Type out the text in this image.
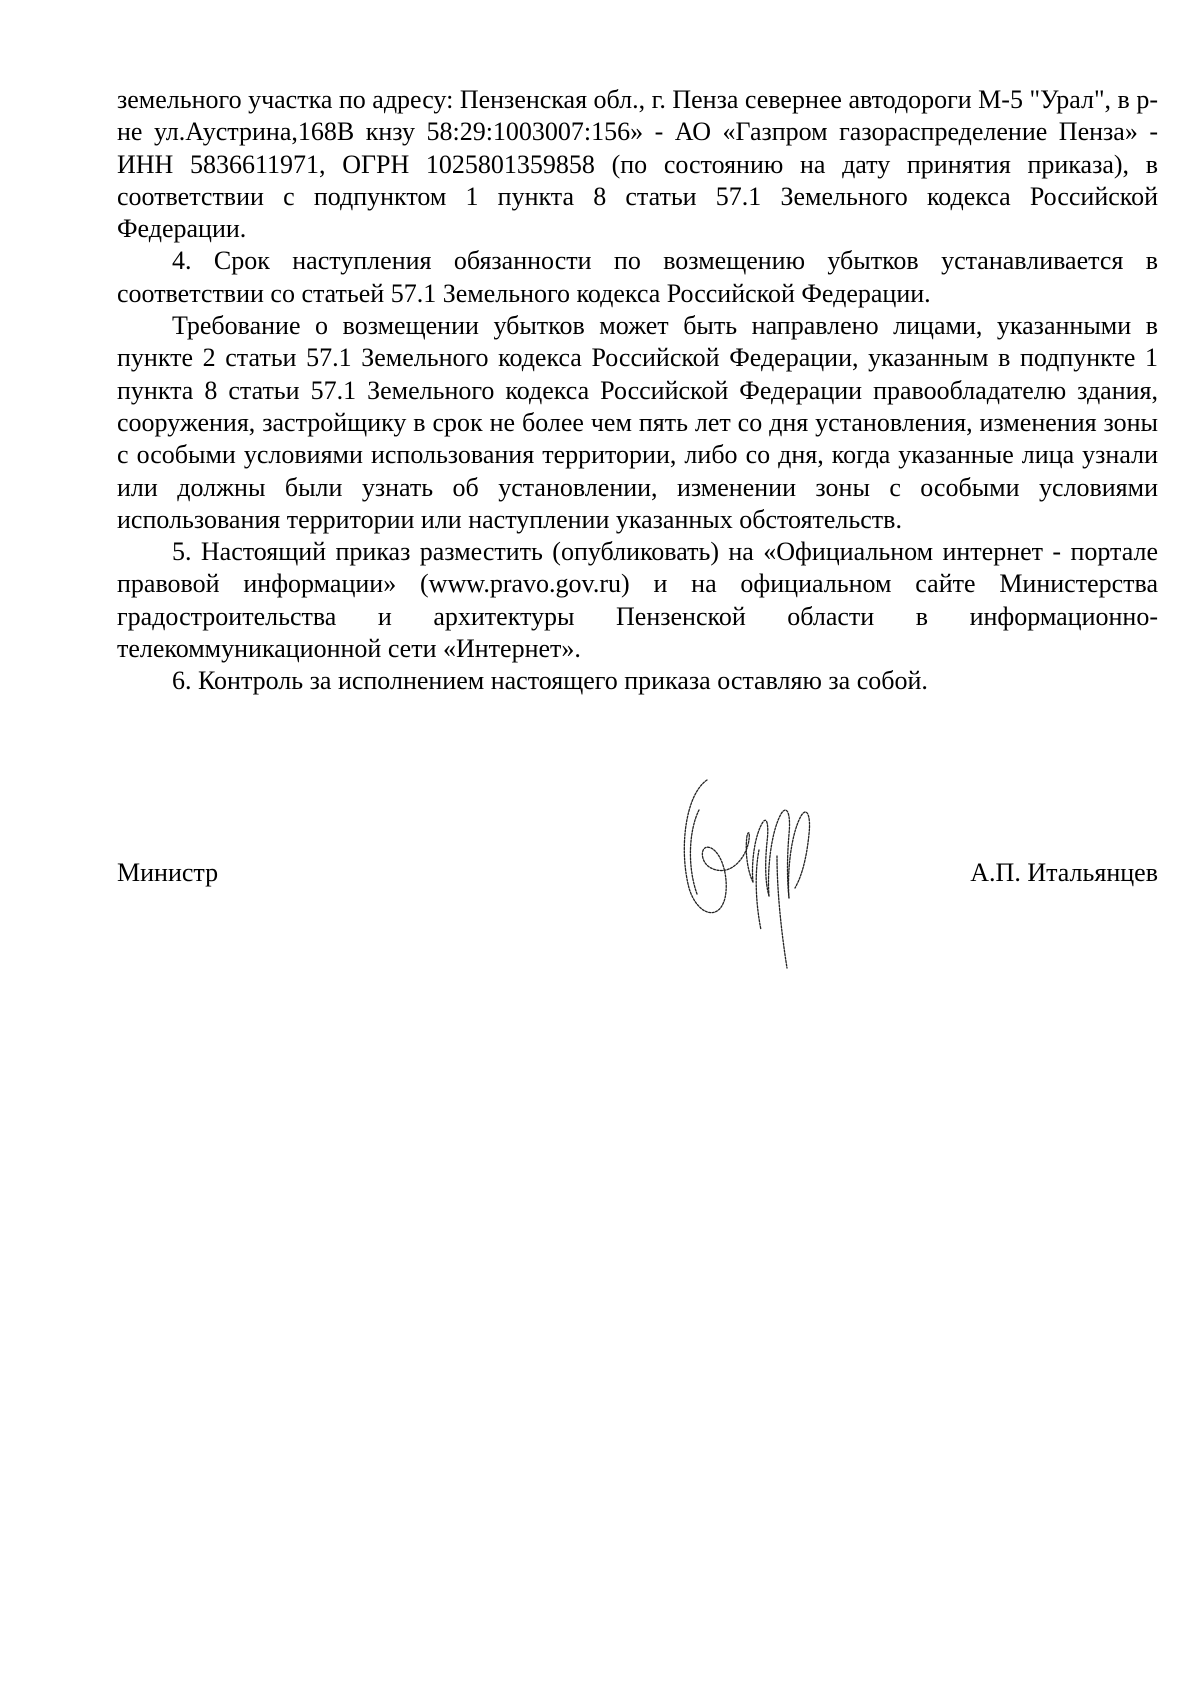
земельного участка по адресу: Пензенская обл., г. Пенза севернее автодороги М-5 "Урал", в р-не ул.Аустрина,168В кнзу 58:29:1003007:156» - АО «Газпром газораспределение Пенза» - ИНН 5836611971, ОГРН 1025801359858 (по состоянию на дату принятия приказа), в соответствии с подпунктом 1 пункта 8 статьи 57.1 Земельного кодекса Российской Федерации.

4. Срок наступления обязанности по возмещению убытков устанавливается в соответствии со статьей 57.1 Земельного кодекса Российской Федерации.

Требование о возмещении убытков может быть направлено лицами, указанными в пункте 2 статьи 57.1 Земельного кодекса Российской Федерации, указанным в подпункте 1 пункта 8 статьи 57.1 Земельного кодекса Российской Федерации правообладателю здания, сооружения, застройщику в срок не более чем пять лет со дня установления, изменения зоны с особыми условиями использования территории, либо со дня, когда указанные лица узнали или должны были узнать об установлении, изменении зоны с особыми условиями использования территории или наступлении указанных обстоятельств.

5. Настоящий приказ разместить (опубликовать) на «Официальном интернет - портале правовой информации» (www.pravo.gov.ru) и на официальном сайте Министерства градостроительства и архитектуры Пензенской области в информационно-телекоммуникационной сети «Интернет».

6. Контроль за исполнением настоящего приказа оставляю за собой.

Министр	А.П. Итальянцев
